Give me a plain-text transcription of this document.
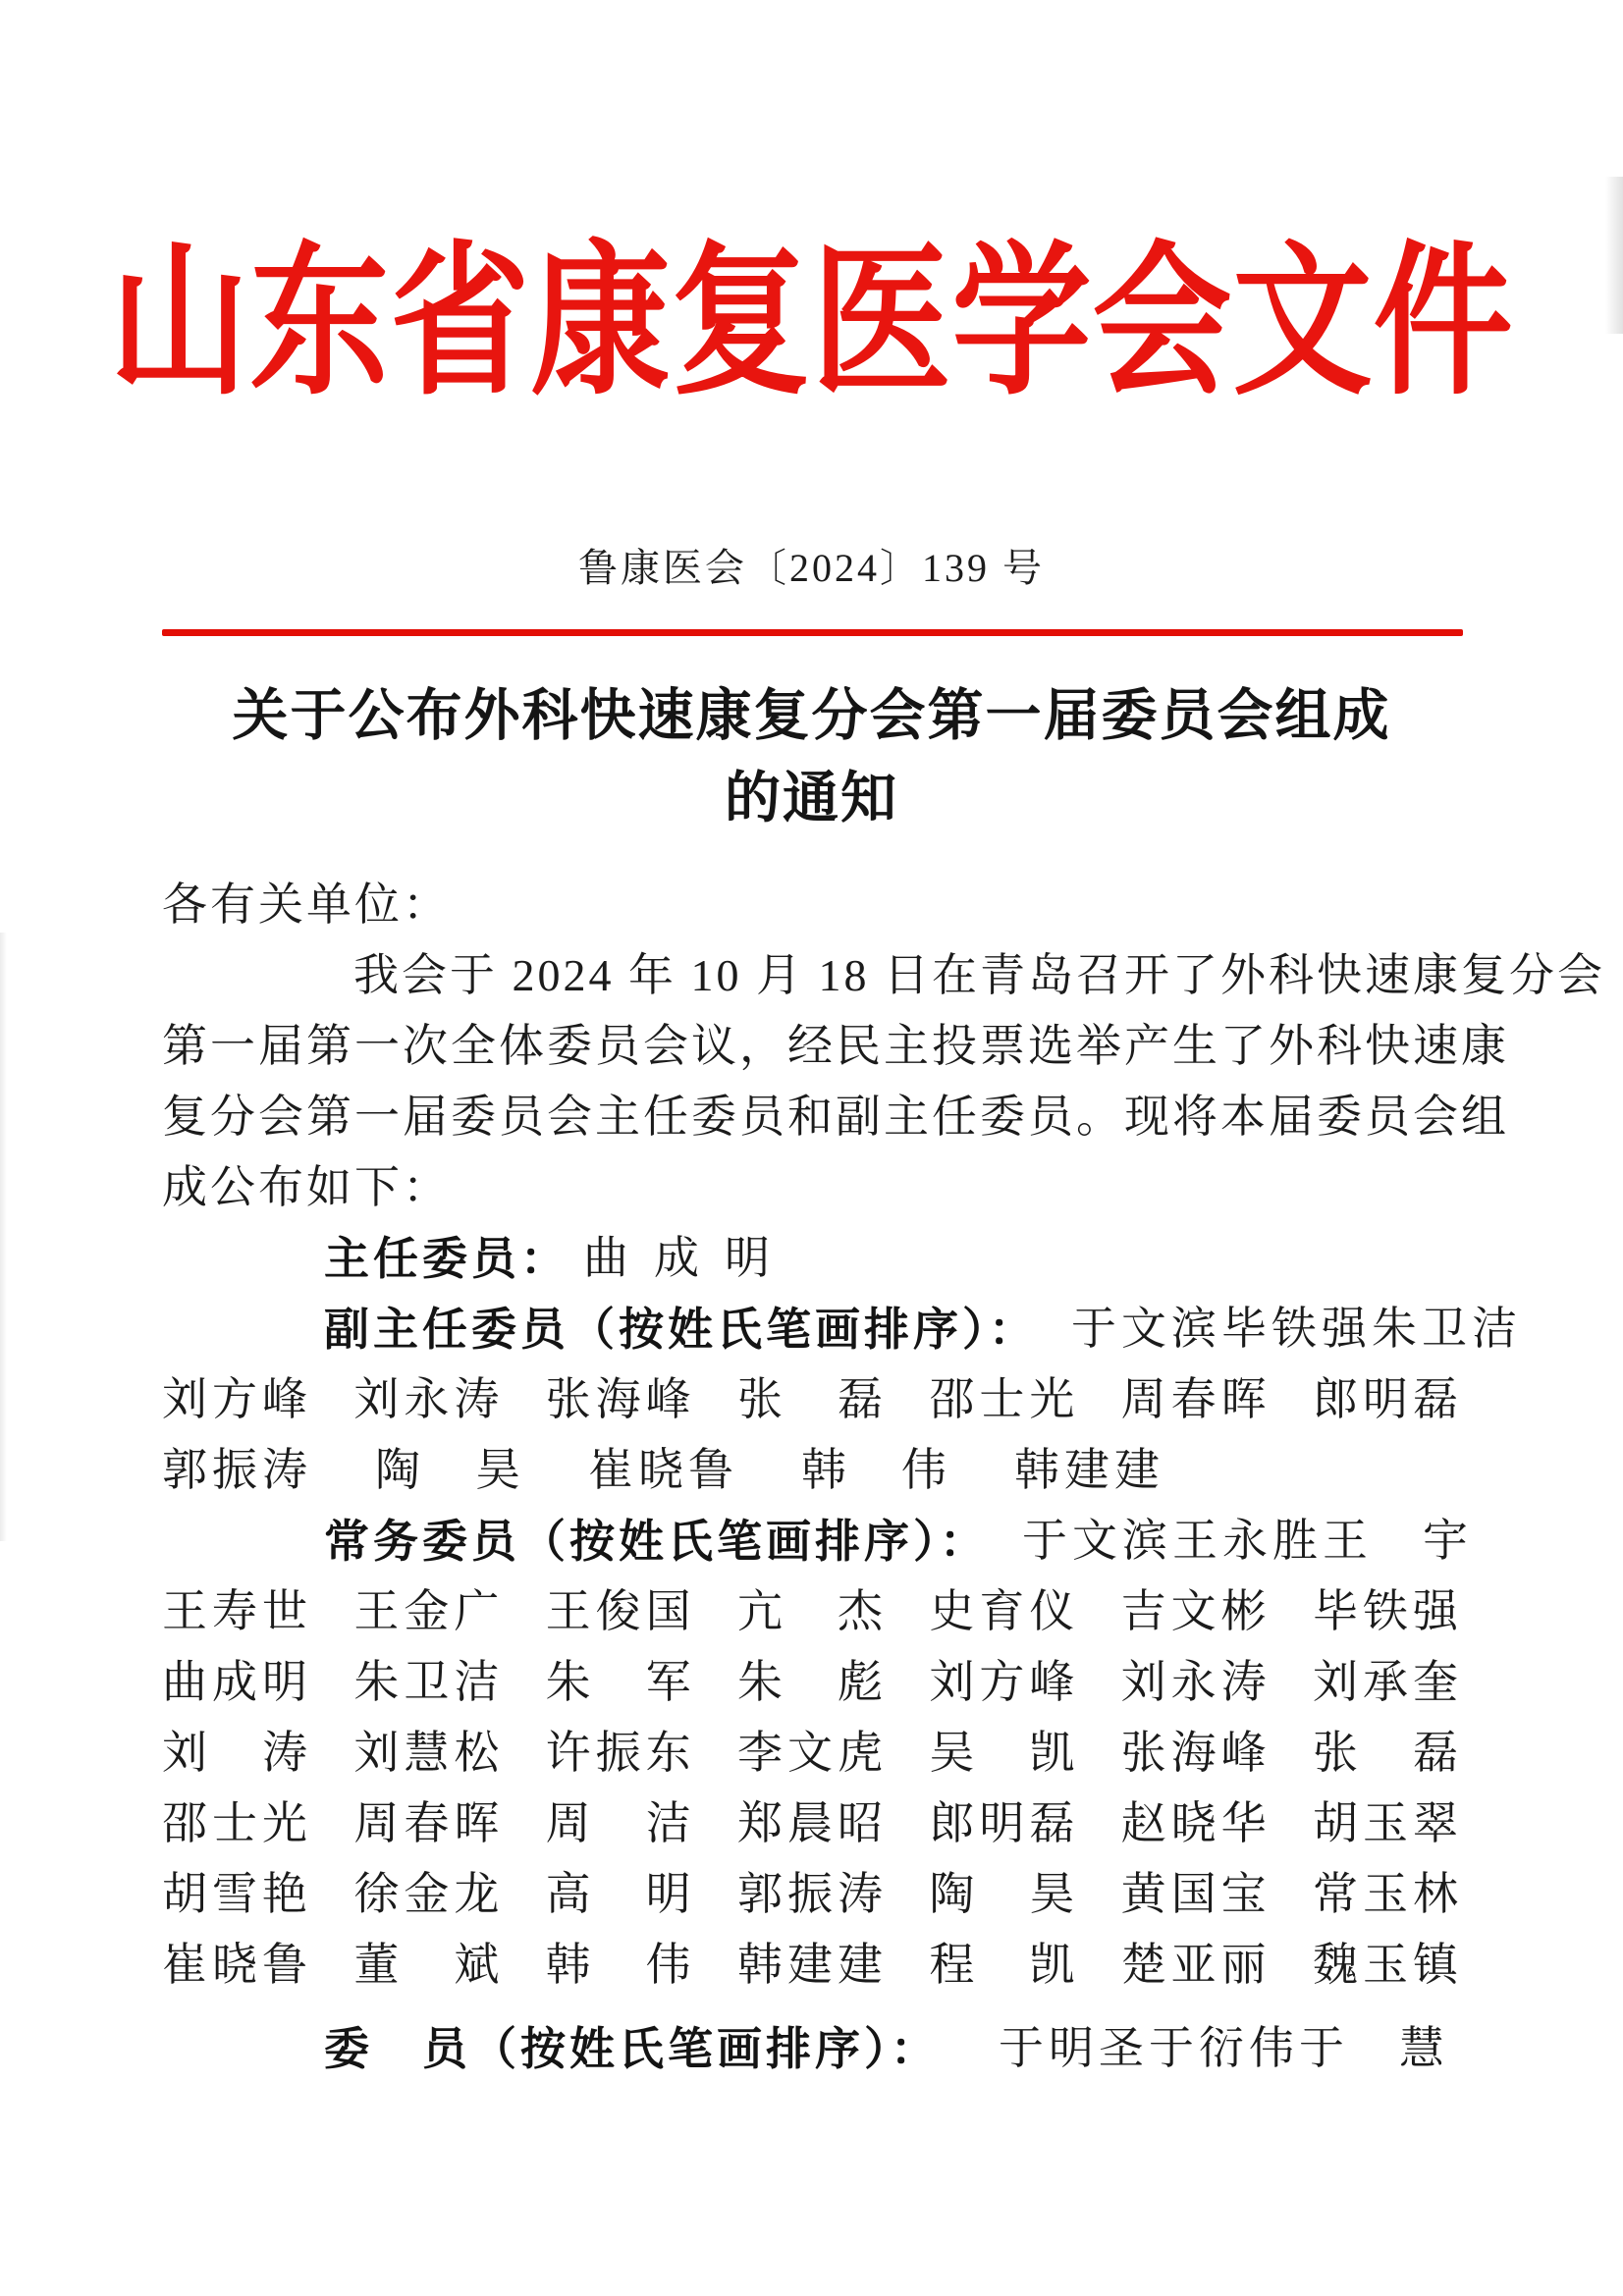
山东省康复医学会文件
鲁康医会〔2024〕139 号
关于公布外科快速康复分会第一届委员会组成
的通知
各有关单位：
我会于 2024 年 10 月 18 日在青岛召开了外科快速康复分会
第一届第一次全体委员会议，经民主投票选举产生了外科快速康
复分会第一届委员会主任委员和副主任委员。现将本届委员会组
成公布如下：
主任委员： 曲成明
副主任委员（按姓氏笔画排序）： 于文滨 毕铁强 朱卫洁
刘方峰 刘永涛 张海峰 张　磊 邵士光 周春晖 郎明磊
郭振涛 陶　昊 崔晓鲁 韩　伟 韩建建
常务委员（按姓氏笔画排序）： 于文滨 王永胜 王　宇
王寿世 王金广 王俊国 亢　杰 史育仪 吉文彬 毕铁强
曲成明 朱卫洁 朱　军 朱　彪 刘方峰 刘永涛 刘承奎
刘　涛 刘慧松 许振东 李文虎 吴　凯 张海峰 张　磊
邵士光 周春晖 周　洁 郑晨昭 郎明磊 赵晓华 胡玉翠
胡雪艳 徐金龙 高　明 郭振涛 陶　昊 黄国宝 常玉林
崔晓鲁 董　斌 韩　伟 韩建建 程　凯 楚亚丽 魏玉镇
委　员（按姓氏笔画排序）： 于明圣 于衍伟 于　慧
